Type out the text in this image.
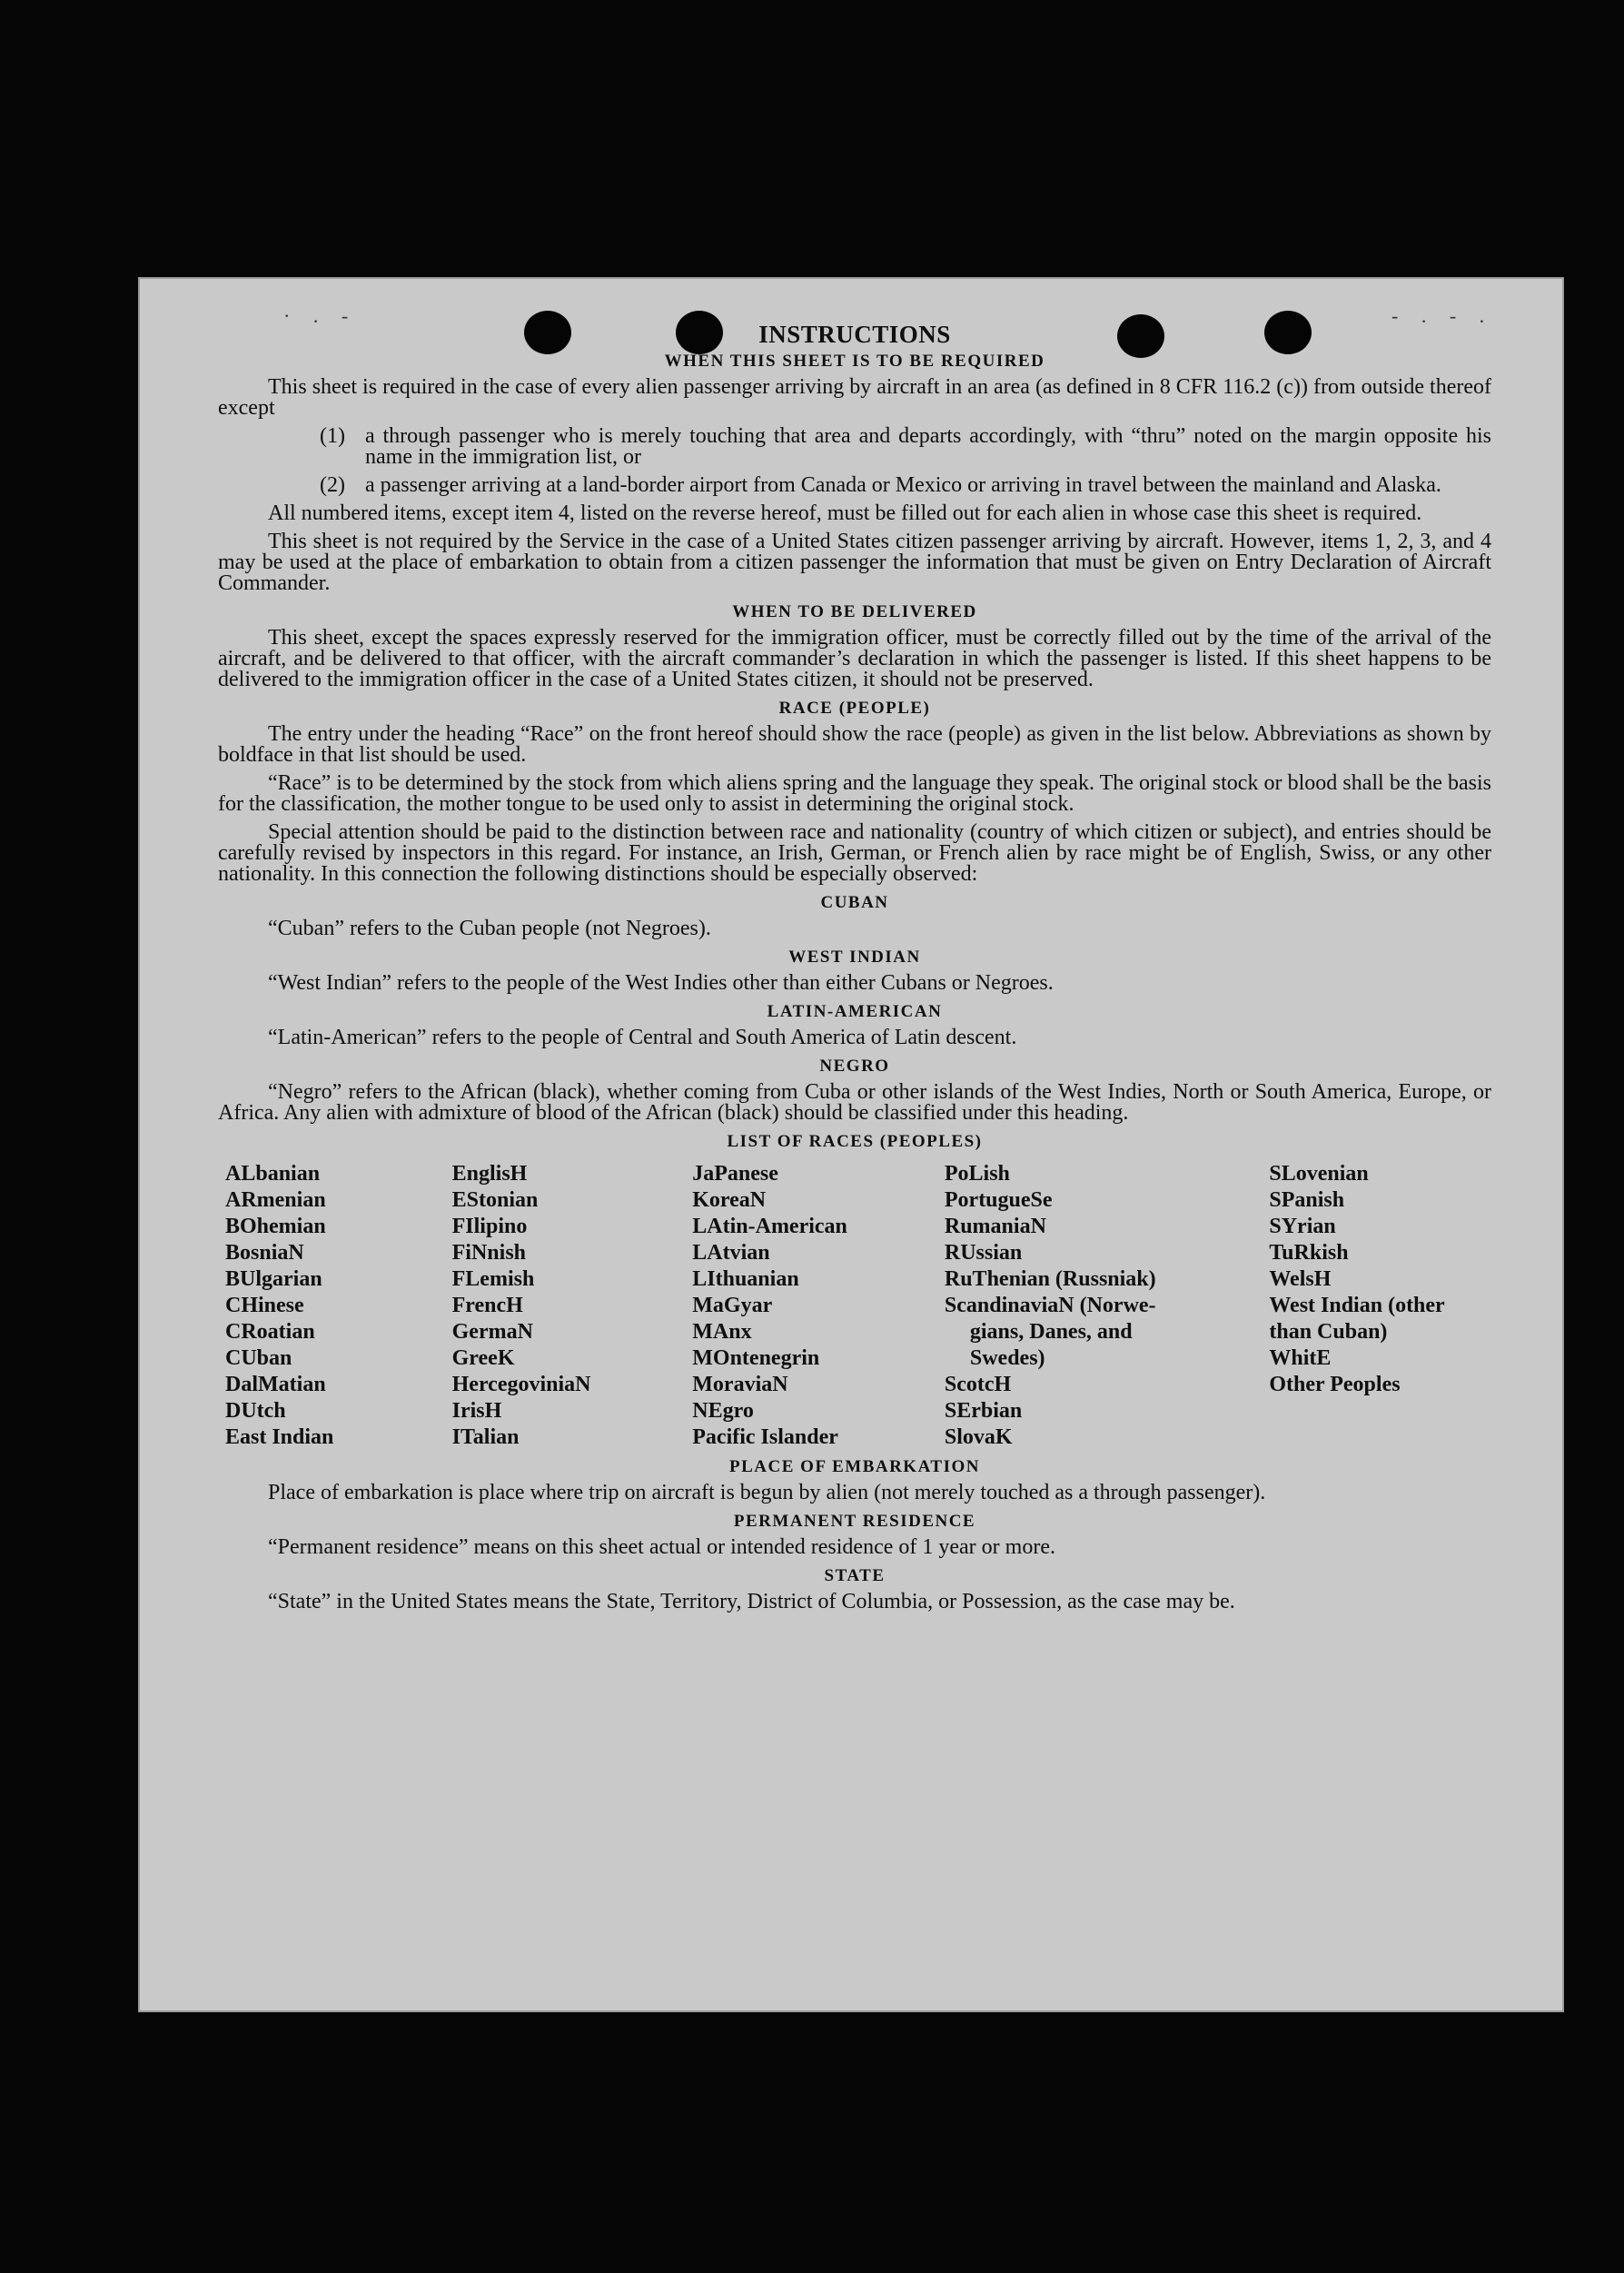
· . -	- . - .
INSTRUCTIONS
WHEN THIS SHEET IS TO BE REQUIRED

This sheet is required in the case of every alien passenger arriving by aircraft in an area (as defined in 8 CFR 116.2 (c)) from outside thereof except

(1) a through passenger who is merely touching that area and departs accordingly, with “thru” noted on the margin opposite his name in the immigration list, or
(2) a passenger arriving at a land-border airport from Canada or Mexico or arriving in travel between the mainland and Alaska.

All numbered items, except item 4, listed on the reverse hereof, must be filled out for each alien in whose case this sheet is required.

This sheet is not required by the Service in the case of a United States citizen passenger arriving by aircraft. However, items 1, 2, 3, and 4 may be used at the place of embarkation to obtain from a citizen passenger the information that must be given on Entry Declaration of Aircraft Commander.

WHEN TO BE DELIVERED

This sheet, except the spaces expressly reserved for the immigration officer, must be correctly filled out by the time of the arrival of the aircraft, and be delivered to that officer, with the aircraft commander’s declaration in which the passenger is listed. If this sheet happens to be delivered to the immigration officer in the case of a United States citizen, it should not be preserved.

RACE (PEOPLE)

The entry under the heading “Race” on the front hereof should show the race (people) as given in the list below. Abbreviations as shown by boldface in that list should be used.

“Race” is to be determined by the stock from which aliens spring and the language they speak. The original stock or blood shall be the basis for the classification, the mother tongue to be used only to assist in determining the original stock.

Special attention should be paid to the distinction between race and nationality (country of which citizen or subject), and entries should be carefully revised by inspectors in this regard. For instance, an Irish, German, or French alien by race might be of English, Swiss, or any other nationality. In this connection the following distinctions should be especially observed:

CUBAN

“Cuban” refers to the Cuban people (not Negroes).

WEST INDIAN

“West Indian” refers to the people of the West Indies other than either Cubans or Negroes.

LATIN-AMERICAN

“Latin-American” refers to the people of Central and South America of Latin descent.

NEGRO

“Negro” refers to the African (black), whether coming from Cuba or other islands of the West Indies, North or South America, Europe, or Africa. Any alien with admixture of blood of the African (black) should be classified under this heading.

LIST OF RACES (PEOPLES)
ALbanian
ARmenian
BOhemian
BosniaN
BUlgarian
CHinese
CRoatian
CUban
DalMatian
DUtch
East Indian
EnglisH
EStonian
FIlipino
FiNnish
FLemish
FrencH
GermaN
GreeK
HercegoviniaN
IrisH
ITalian
JaPanese
KoreaN
LAtin-American
LAtvian
LIthuanian
MaGyar
MAnx
MOntenegrin
MoraviaN
NEgro
Pacific Islander
PoLish
PortugueSe
RumaniaN
RUssian
RuThenian (Russniak)
ScandinaviaN (Norwe-
gians, Danes, and
Swedes)
ScotcH
SErbian
SlovaK
SLovenian
SPanish
SYrian
TuRkish
WelsH
West Indian (other
than Cuban)
WhitE
Other Peoples
PLACE OF EMBARKATION

Place of embarkation is place where trip on aircraft is begun by alien (not merely touched as a through passenger).

PERMANENT RESIDENCE

“Permanent residence” means on this sheet actual or intended residence of 1 year or more.

STATE

“State” in the United States means the State, Territory, District of Columbia, or Possession, as the case may be.
